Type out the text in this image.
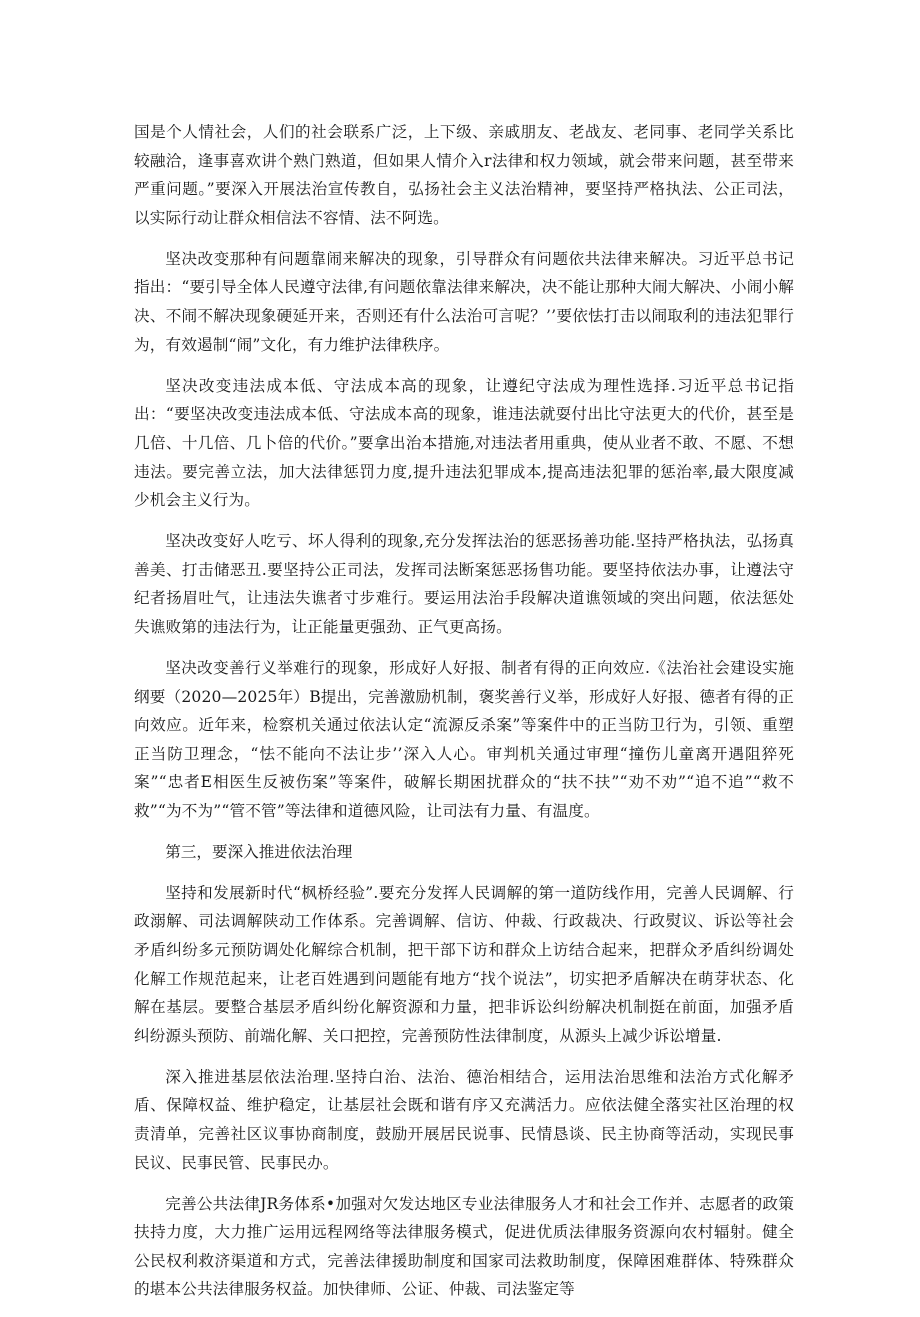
国是个人情社会，人们的社会联系广泛，上下级、亲戚朋友、老战友、老同事、老同学关系比较融洽，逢事喜欢讲个熟门熟道，但如果人情介入r法律和权力领域，就会带来问题，甚至带来严重问题。”要深入开展法治宣传教自，弘扬社会主义法治精神，要坚持严格执法、公正司法，以实际行动让群众相信法不容情、法不阿选。

坚决改变那种有问题靠闹来解决的现象，引导群众有问题依共法律来解决。习近平总书记指出：“要引导全体人民遵守法律,有问题依靠法律来解决，决不能让那种大闹大解决、小闹小解决、不闹不解决现象硬延开来，否则还有什么法治可言呢？’’要依怯打击以闹取利的违法犯罪行为，有效遏制“闹”文化，有力维护法律秩序。

坚决改变违法成本低、守法成本高的现象，让遵纪守法成为理性选择.习近平总书记指出：“要坚决改变违法成本低、守法成本高的现象，谁违法就耍付出比守法更大的代价，甚至是几倍、十几倍、几卜倍的代价。”要拿出治本措施,对违法者用重典，使从业者不敢、不愿、不想违法。要完善立法，加大法律惩罚力度,提升违法犯罪成本,提高违法犯罪的惩治率,最大限度减少机会主义行为。

坚决改变好人吃亏、坏人得利的现象,充分发挥法治的惩恶扬善功能.坚持严格执法，弘扬真善美、打击储恶丑.要坚持公正司法，发挥司法断案惩恶扬售功能。要坚持依法办事，让遵法守纪者扬眉吐气，让违法失谯者寸步难行。要运用法治手段解决道谯领域的突出问题，依法惩处失谯败第的违法行为，让正能量更强劲、正气更高扬。

坚决改变善行义举难行的现象，形成好人好报、制者有得的正向效应.《法治社会建设实施纲要（2020—2025年）B提出，完善激励机制，褒奖善行义举，形成好人好报、德者有得的正向效应。近年来，检察机关通过依法认定“流源反杀案”等案件中的正当防卫行为，引领、重塑正当防卫理念，“怯不能向不法让步’’深入人心。审判机关通过审理“撞伤儿童离开遇阻猝死案”“忠者E相医生反被伤案”等案件，破解长期困扰群众的“扶不扶”“劝不劝”“追不追”“救不救”“为不为”“管不管”等法律和道德风险，让司法有力量、有温度。

第三，要深入推进依法治理

坚持和发展新时代“枫桥经验”.要充分发挥人民调解的第一道防线作用，完善人民调解、行政溺解、司法调解陕动工作体系。完善调解、信访、仲裁、行政裁决、行政熨议、诉讼等社会矛盾纠纷多元预防调处化解综合机制，把干部下访和群众上访结合起来，把群众矛盾纠纷调处化解工作规范起来，让老百姓遇到问题能有地方“找个说法”，切实把矛盾解决在萌芽状态、化解在基层。要整合基层矛盾纠纷化解资源和力量，把非诉讼纠纷解决机制挺在前面，加强矛盾纠纷源头预防、前端化解、关口把控，完善预防性法律制度，从源头上减少诉讼增量.

深入推进基层依法治理.坚持白治、法治、德治相结合，运用法治思维和法治方式化解矛盾、保障权益、维护稳定，让基层社会既和谐有序又充满活力。应依法健全落实社区治理的权责清单，完善社区议事协商制度，鼓励开展居民说事、民情恳谈、民主协商等活动，实现民事民议、民事民管、民事民办。

完善公共法律JR务体系•加强对欠发达地区专业法律服务人才和社会工作并、志愿者的政策扶持力度，大力推广运用远程网络等法律服务模式，促进优质法律服务资源向农村辐射。健全公民权利救济渠道和方式，完善法律援助制度和国家司法救助制度，保障困难群体、特殊群众的堪本公共法律服务权益。加快律师、公证、仲裁、司法鉴定等
